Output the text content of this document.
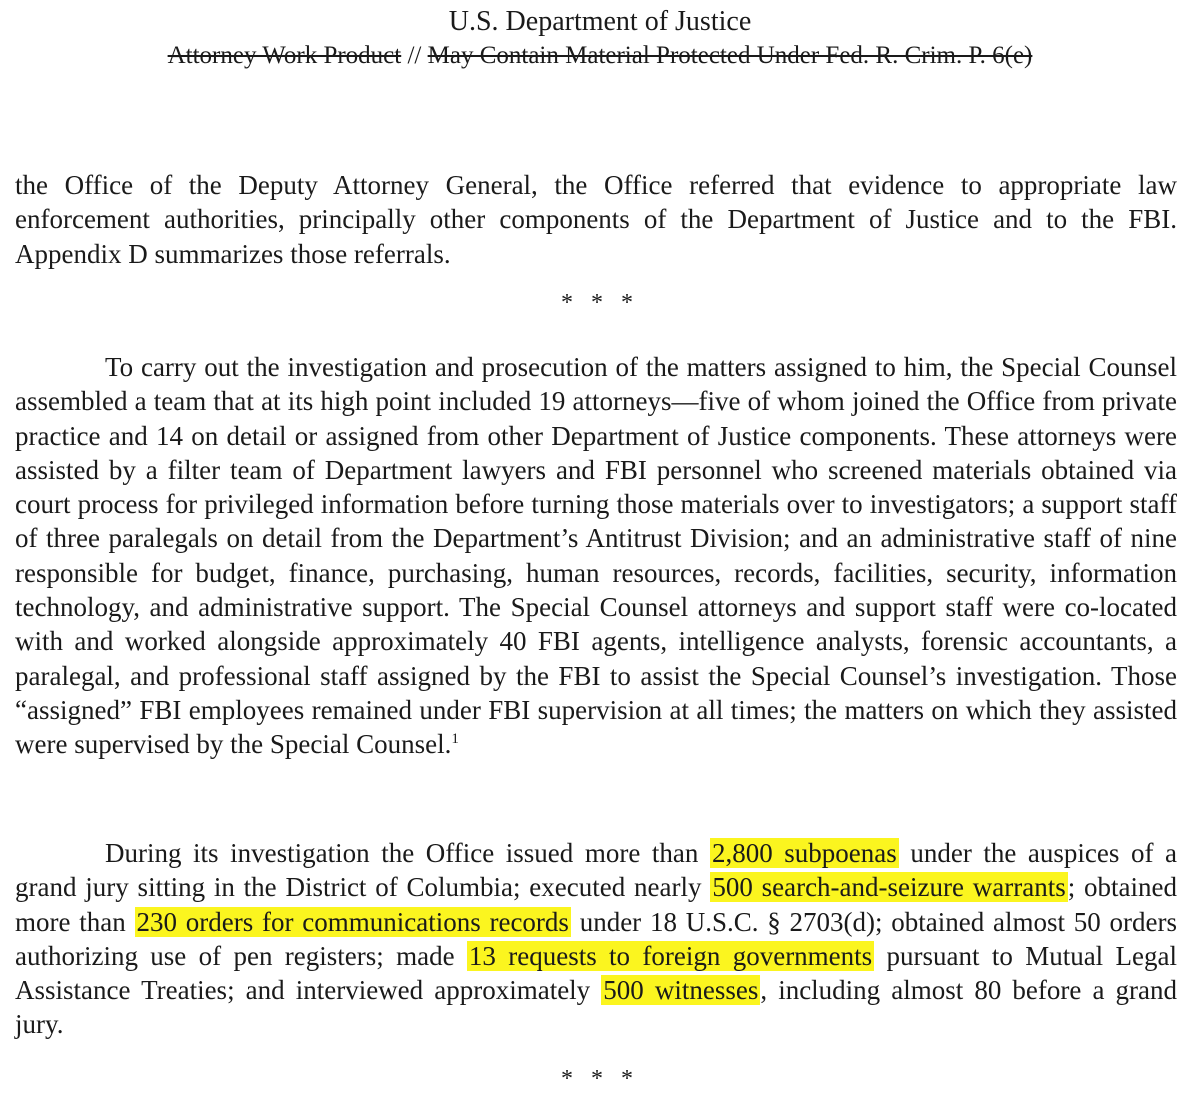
U.S. Department of Justice
Attorney Work Product // May Contain Material Protected Under Fed. R. Crim. P. 6(e)
the Office of the Deputy Attorney General, the Office referred that evidence to appropriate law enforcement authorities, principally other components of the Department of Justice and to the FBI. Appendix D summarizes those referrals.
* * *
To carry out the investigation and prosecution of the matters assigned to him, the Special Counsel assembled a team that at its high point included 19 attorneys—five of whom joined the Office from private practice and 14 on detail or assigned from other Department of Justice components. These attorneys were assisted by a filter team of Department lawyers and FBI personnel who screened materials obtained via court process for privileged information before turning those materials over to investigators; a support staff of three paralegals on detail from the Department’s Antitrust Division; and an administrative staff of nine responsible for budget, finance, purchasing, human resources, records, facilities, security, information technology, and administrative support. The Special Counsel attorneys and support staff were co-located with and worked alongside approximately 40 FBI agents, intelligence analysts, forensic accountants, a paralegal, and professional staff assigned by the FBI to assist the Special Counsel’s investigation. Those “assigned” FBI employees remained under FBI supervision at all times; the matters on which they assisted were supervised by the Special Counsel.$^1$
During its investigation the Office issued more than 2,800 subpoenas under the auspices of a grand jury sitting in the District of Columbia; executed nearly 500 search-and-seizure warrants; obtained more than 230 orders for communications records under 18 U.S.C. § 2703(d); obtained almost 50 orders authorizing use of pen registers; made 13 requests to foreign governments pursuant to Mutual Legal Assistance Treaties; and interviewed approximately 500 witnesses, including almost 80 before a grand jury.
* * *
